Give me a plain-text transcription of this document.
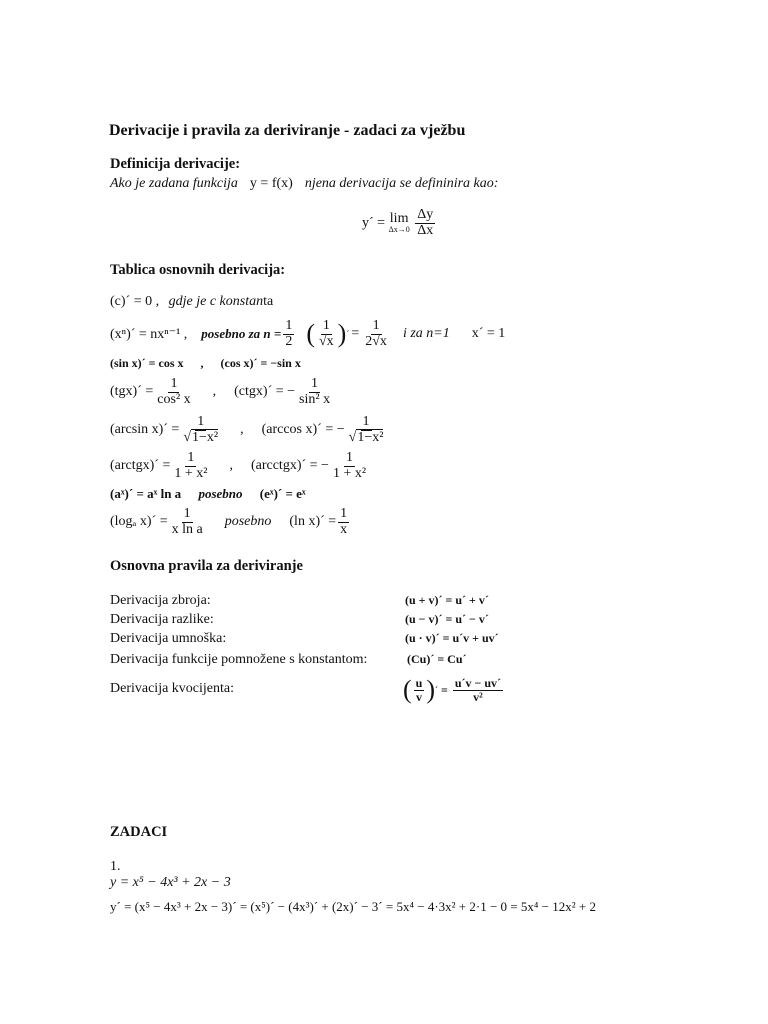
Derivacije i pravila za deriviranje - zadaci za vježbu
Definicija derivacije:
Ako je zadana funkcija y = f(x) njena derivacija se defininira kao:
y´ = lim
Δx→0
$\frac{\Delta y}{\Delta x}$
Tablica osnovnih derivacija:
(c)´ = 0 , gdje je c konstanta
(xⁿ)´ = nxⁿ⁻¹ , posebno za $n = \frac{1}{2}$ ( $\frac{1}{√x}$ ) ´ = $\frac{1}{2√x}$ i za n=1 x´ = 1
(sin x)´ = cos x , (cos x)´ = −sin x
(tgx)´ = $\frac{1}{\text{cos² x}}$ , (ctgx)´ = − $\frac{1}{\text{sin² x}}$
(arcsin x)´ = $\frac{1}{\text{√1−x²}}$ , (arccos x)´ = − $\frac{1}{\text{√1−x²}}$
(arctgx)´ = $\frac{1}{\text{1 + x²}}$ , (arcctgx)´ = − $\frac{1}{\text{1 + x²}}$
(aˣ)´ = aˣ ln a posebno (eˣ)´ = eˣ
(logₐ x)´ = $\frac{1}{\text{x ln a}}$ posebno (ln x)´ = $\frac{1}{x}$
Osnovna pravila za deriviranje
Derivacija zbroja:	(u + v)´ = u´ + v´
Derivacija razlike:	(u − v)´ = u´ − v´
Derivacija umnoška:	(u · v)´ = u´v + uv´
Derivacija funkcije pomnožene s konstantom:	(Cu)´ = Cu´
Derivacija kvocijenta:	( $\frac{u}{v}$ ) ´ = $\frac{u´v - uv´}{\text{v²}}$
ZADACI
1.
y = x⁵ − 4x³ + 2x − 3
y´ = (x⁵ − 4x³ + 2x − 3)´ = (x⁵)´ − (4x³)´ + (2x)´ − 3´ = 5x⁴ − 4·3x² + 2·1 − 0 = 5x⁴ − 12x² + 2
